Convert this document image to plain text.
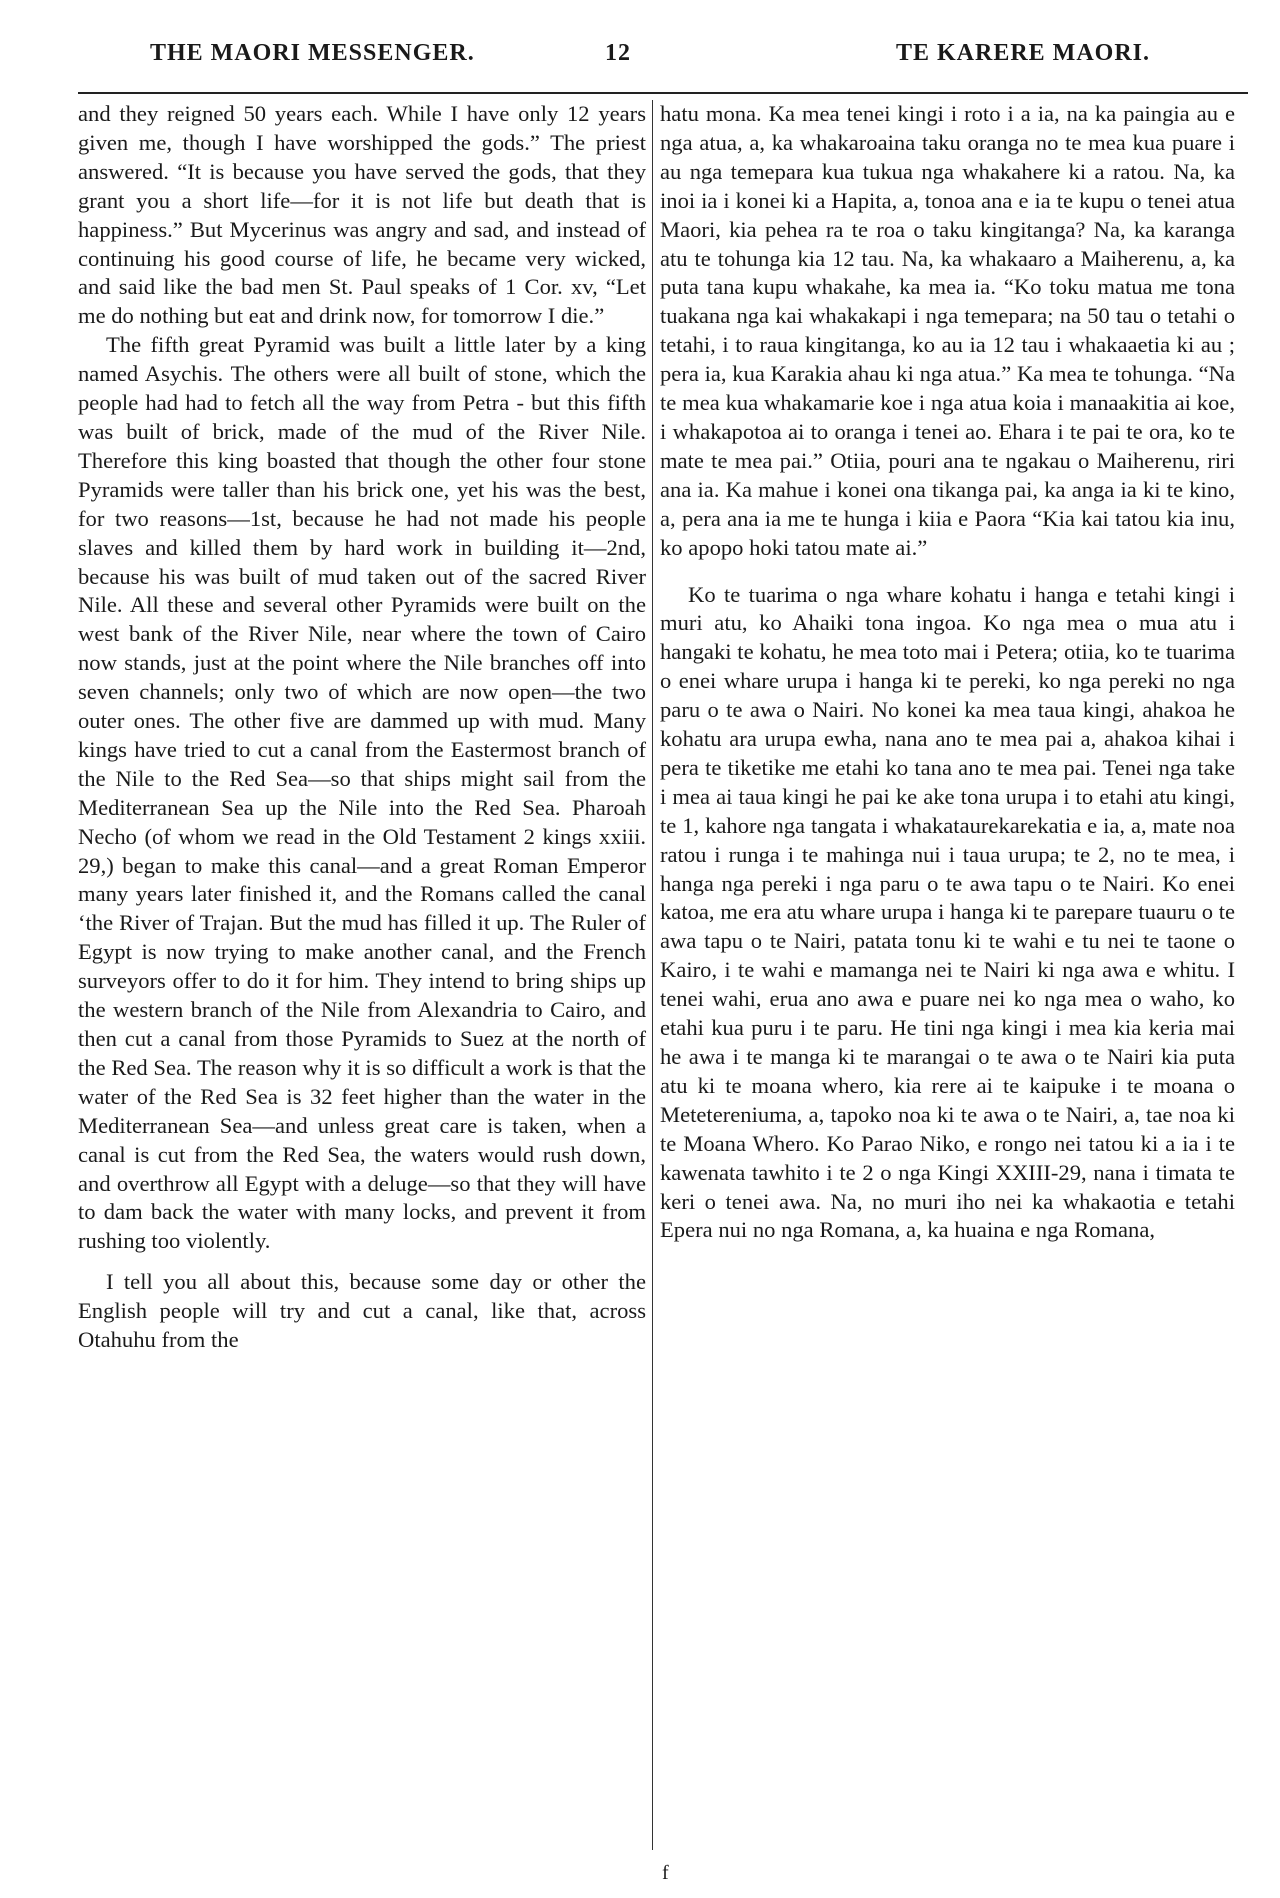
THE MAORI MESSENGER.	12	TE KARERE MAORI.

and they reigned 50 years each. While I have only 12 years given me, though I have worshipped the gods.” The priest answered. “It is because you have served the gods, that they grant you a short life—for it is not life but death that is happiness.” But Mycerinus was angry and sad, and instead of continuing his good course of life, he became very wicked, and said like the bad men St. Paul speaks of 1 Cor. xv, “Let me do nothing but eat and drink now, for tomorrow I die.”

The fifth great Pyramid was built a little later by a king named Asychis. The others were all built of stone, which the people had had to fetch all the way from Petra - but this fifth was built of brick, made of the mud of the River Nile. Therefore this king boasted that though the other four stone Pyramids were taller than his brick one, yet his was the best, for two reasons—1st, because he had not made his people slaves and killed them by hard work in building it—2nd, because his was built of mud taken out of the sacred River Nile. All these and several other Pyramids were built on the west bank of the River Nile, near where the town of Cairo now stands, just at the point where the Nile branches off into seven channels; only two of which are now open—the two outer ones. The other five are dammed up with mud. Many kings have tried to cut a canal from the Eastermost branch of the Nile to the Red Sea—so that ships might sail from the Mediterranean Sea up the Nile into the Red Sea. Pharoah Necho (of whom we read in the Old Testament 2 kings xxiii. 29,) began to make this canal—and a great Roman Emperor many years later finished it, and the Romans called the canal ‘the River of Trajan. But the mud has filled it up. The Ruler of Egypt is now trying to make another canal, and the French surveyors offer to do it for him. They intend to bring ships up the western branch of the Nile from Alexandria to Cairo, and then cut a canal from those Pyramids to Suez at the north of the Red Sea. The reason why it is so difficult a work is that the water of the Red Sea is 32 feet higher than the water in the Mediterranean Sea—and unless great care is taken, when a canal is cut from the Red Sea, the waters would rush down, and overthrow all Egypt with a deluge—so that they will have to dam back the water with many locks, and prevent it from rushing too violently.

I tell you all about this, because some day or other the English people will try and cut a canal, like that, across Otahuhu from the

hatu mona. Ka mea tenei kingi i roto i a ia, na ka paingia au e nga atua, a, ka whakaroaina taku oranga no te mea kua puare i au nga temepara kua tukua nga whakahere ki a ratou. Na, ka inoi ia i konei ki a Hapita, a, tonoa ana e ia te kupu o tenei atua Maori, kia pehea ra te roa o taku kingitanga? Na, ka karanga atu te tohunga kia 12 tau. Na, ka whakaaro a Maiherenu, a, ka puta tana kupu whakahe, ka mea ia. “Ko toku matua me tona tuakana nga kai whakakapi i nga temepara; na 50 tau o tetahi o tetahi, i to raua kingitanga, ko au ia 12 tau i whakaaetia ki au ; pera ia, kua Karakia ahau ki nga atua.” Ka mea te tohunga. “Na te mea kua whakamarie koe i nga atua koia i manaakitia ai koe, i whakapotoa ai to oranga i tenei ao. Ehara i te pai te ora, ko te mate te mea pai.” Otiia, pouri ana te ngakau o Maiherenu, riri ana ia. Ka mahue i konei ona tikanga pai, ka anga ia ki te kino, a, pera ana ia me te hunga i kiia e Paora “Kia kai tatou kia inu, ko apopo hoki tatou mate ai.”

Ko te tuarima o nga whare kohatu i hanga e tetahi kingi i muri atu, ko Ahaiki tona ingoa. Ko nga mea o mua atu i hangaki te kohatu, he mea toto mai i Petera; otiia, ko te tuarima o enei whare urupa i hanga ki te pereki, ko nga pereki no nga paru o te awa o Nairi. No konei ka mea taua kingi, ahakoa he kohatu ara urupa ewha, nana ano te mea pai a, ahakoa kihai i pera te tiketike me etahi ko tana ano te mea pai. Tenei nga take i mea ai taua kingi he pai ke ake tona urupa i to etahi atu kingi, te 1, kahore nga tangata i whakataurekarekatia e ia, a, mate noa ratou i runga i te mahinga nui i taua urupa; te 2, no te mea, i hanga nga pereki i nga paru o te awa tapu o te Nairi. Ko enei katoa, me era atu whare urupa i hanga ki te parepare tuauru o te awa tapu o te Nairi, patata tonu ki te wahi e tu nei te taone o Kairo, i te wahi e mamanga nei te Nairi ki nga awa e whitu. I tenei wahi, erua ano awa e puare nei ko nga mea o waho, ko etahi kua puru i te paru. He tini nga kingi i mea kia keria mai he awa i te manga ki te marangai o te awa o te Nairi kia puta atu ki te moana whero, kia rere ai te kaipuke i te moana o Metetereniuma, a, tapoko noa ki te awa o te Nairi, a, tae noa ki te Moana Whero. Ko Parao Niko, e rongo nei tatou ki a ia i te kawenata tawhito i te 2 o nga Kingi XXIII-29, nana i timata te keri o tenei awa. Na, no muri iho nei ka whakaotia e tetahi Epera nui no nga Romana, a, ka huaina e nga Romana,

f
